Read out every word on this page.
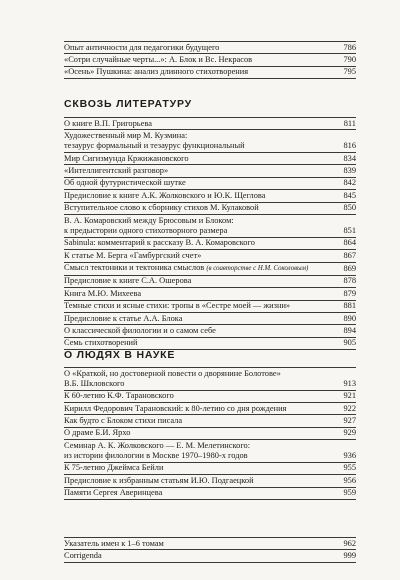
Опыт античности для педагогики будущего	786
«Сотри случайные черты...»: А. Блок и Вс. Некрасов	790
«Осень» Пушкина: анализ длинного стихотворения	795
СКВОЗЬ ЛИТЕРАТУРУ
О книге В.П. Григорьева	811
Художественный мир М. Кузмина:
тезаурус формальный и тезаурус функциональный	816
Мир Сигизмунда Кржижановского	834
«Интеллигентский разговор»	839
Об одной футуристической шутке	842
Предисловие к книге А.К. Жолковского и Ю.К. Щеглова	845
Вступительное слово к сборнику стихов М. Кулаковой	850
В. А. Комаровский между Брюсовым и Блоком:
к предыстории одного стихотворного размера	851
Sabinula: комментарий к рассказу В. А. Комаровского	864
К статье М. Берга «Гамбургский счет»	867
Смысл тектоники и тектоника смыслов (в соавторстве с Н.М. Соколовым)	869
Предисловие к книге С.А. Ошерова	878
Книга М.Ю. Михеева	879
Темные стихи и ясные стихи: тропы в «Сестре моей — жизни»	881
Предисловие к статье А.А. Блока	890
О классической филологии и о самом себе	894
Семь стихотворений	905
О ЛЮДЯХ В НАУКЕ
О «Краткой, но достоверной повести о дворянине Болотове»
В.Б. Шкловского	913
К 60-летию К.Ф. Тарановского	921
Кирилл Федорович Тарановский: к 80-летию со дня рождения	922
Как будто с Блоком стихи писала	927
О драме Б.И. Ярхо	929
Семинар А. К. Жолковского — Е. М. Мелетинского:
из истории филологии в Москве 1970–1980-х годов	936
К 75-летию Джеймса Бейли	955
Предисловие к избранным статьям И.Ю. Подгаецкой	956
Памяти Сергея Аверинцева	959
Указатель имен к 1–6 томам	962
Corrigenda	999
